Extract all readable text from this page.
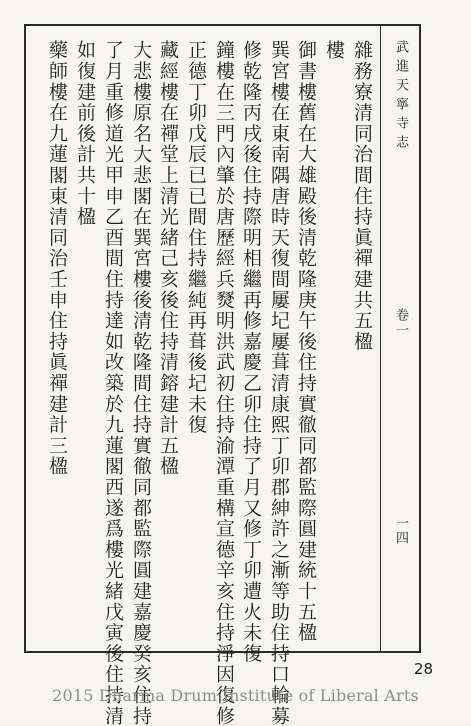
武進天寧寺志
卷一
一四
雜務寮清同治間住持眞禪建共五楹
樓
御書樓舊在大雄殿後清乾隆庚午後住持實徹同都監際圓建統十五楹
巽宮樓在東南隅唐時天復間屢圮屢葺清康熙丁卯郡紳許之漸等助住持口輪募
修乾隆丙戌後住持際明相繼再修嘉慶乙卯住持了月又修丁卯遭火未復
鐘樓在三門內肇於唐歷經兵燹明洪武初住持渝潭重構宣德辛亥住持淨因復修
正德丁卯戊辰已已間住持繼純再葺後圮未復
藏經樓在禪堂上清光緒己亥後住持清鎔建計五楹
大悲樓原名大悲閣在巽宮樓後清乾隆間住持實徹同都監際圓建嘉慶癸亥住持
了月重修道光甲申乙酉間住持達如改築於九蓮閣西遂爲樓光緒戊寅後住持清
如復建前後計共十楹
藥師樓在九蓮閣東清同治壬申住持眞禪建計三楹
28
2015 Dharma Drum Institute of Liberal Arts
